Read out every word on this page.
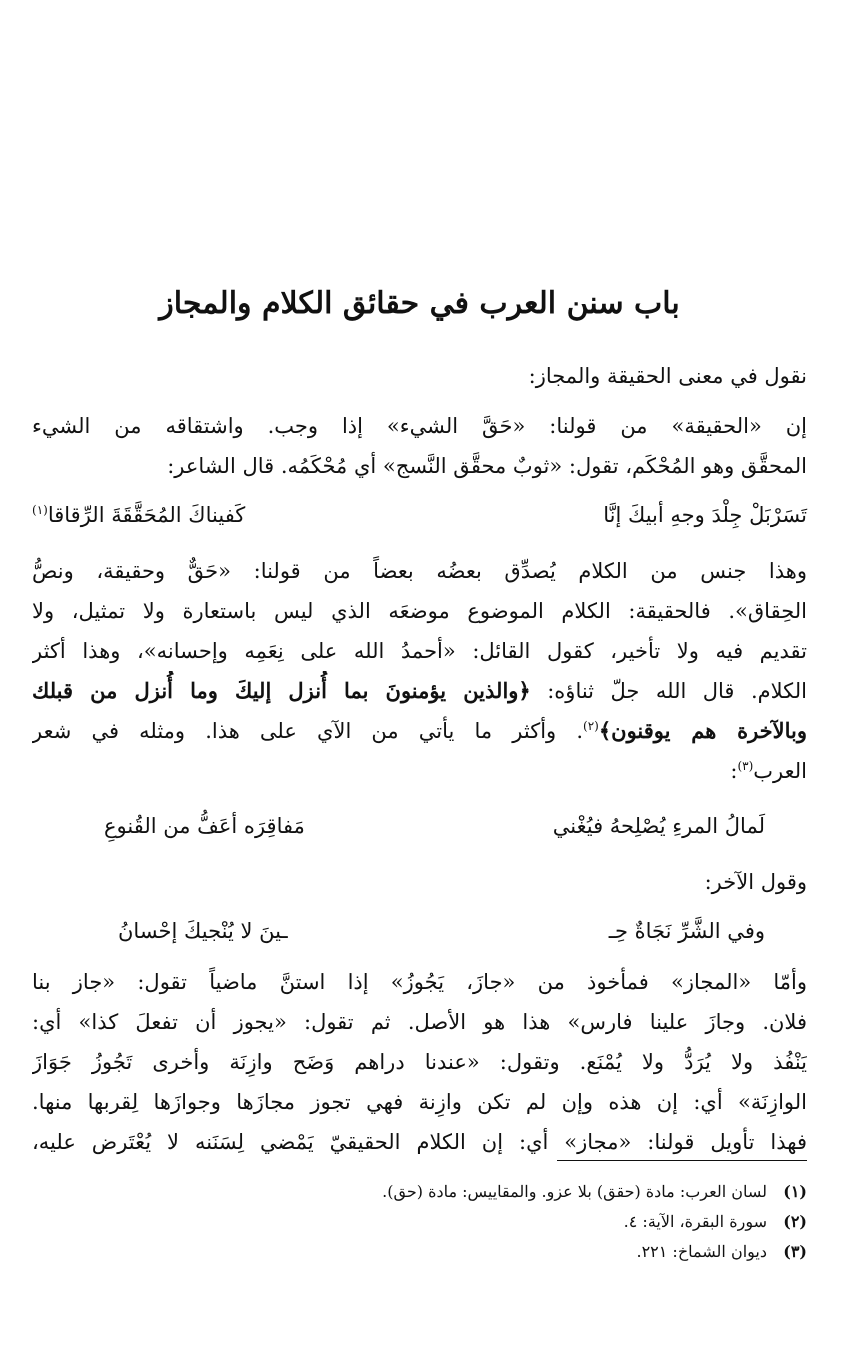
باب سنن العرب في حقائق الكلام والمجاز
نقول في معنى الحقيقة والمجاز:
إن «الحقيقة» من قولنا: «حَقَّ الشيء» إذا وجب. واشتقاقه من الشيء
المحقَّق وهو المُحْكَم، تقول: «ثوبٌ محقَّق النَّسج» أي مُحْكَمُه. قال الشاعر:
تَسَرْبَلْ جِلْدَ وجهِ أبيكَ إنَّا
كَفيناكَ المُحَقَّقَةَ الرِّقاقا$^{(١)}$
وهذا جنس من الكلام يُصدِّق بعضُه بعضاً من قولنا: «حَقٌّ وحقيقة، ونصُّ
الحِقاق». فالحقيقة: الكلام الموضوع موضعَه الذي ليس باستعارة ولا تمثيل، ولا
تقديم فيه ولا تأخير، كقول القائل: «أحمدُ الله على نِعَمِه وإحسانه»، وهذا أكثر
الكلام. قال الله جلّ ثناؤه: ﴿والذين يؤمنونَ بما أُنزل إليكَ وما أُنزل من قبلك
وبالآخرة هم يوقنون﴾$^{(٢)}$. وأكثر ما يأتي من الآي على هذا. ومثله في شعر
العرب$^{(٣)}$:
لَمالُ المرءِ يُصْلِحهُ فيُغْني
مَفاقِرَه أعَفُّ من القُنوعِ
وقول الآخر:
وفي الشَّرِّ نَجَاةٌ حِـ
ـينَ لا يُنْجيكَ إحْسانُ
وأمّا «المجاز» فمأخوذ من «جازَ، يَجُوزُ» إذا استنَّ ماضياً تقول: «جاز بنا
فلان. وجازَ علينا فارس» هذا هو الأصل. ثم تقول: «يجوز أن تفعلَ كذا» أي:
يَنْفُذ ولا يُرَدُّ ولا يُمْنَع. وتقول: «عندنا دراهم وَضَح وازِنَة وأخرى تَجُوزُ جَوَازَ
الوازِنَة» أي: إن هذه وإن لم تكن وازِنة فهي تجوز مجازَها وجوازَها لِقربها منها.
فهذا تأويل قولنا: «مجاز» أي: إن الكلام الحقيقيّ يَمْضي لِسَنَنه لا يُعْتَرض عليه،
(١)لسان العرب: مادة (حقق) بلا عزو. والمقاييس: مادة (حق).
(٢)سورة البقرة، الآية: ٤.
(٣)ديوان الشماخ: ٢٢١.
